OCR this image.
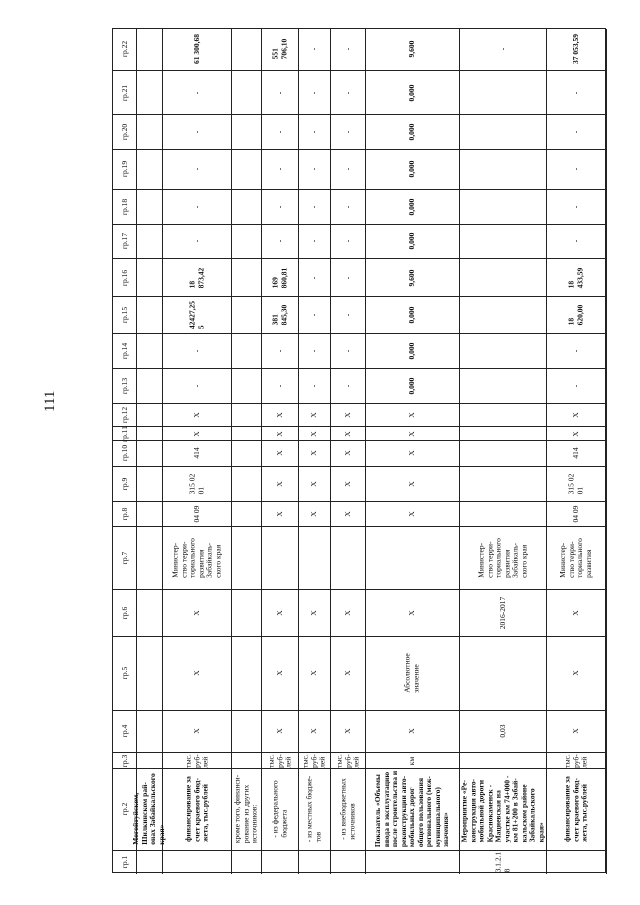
111
гр.1
гр.2
гр.3
гр.4
гр.5
гр.6
гр.7
гр.8
гр.9
гр.10
гр.11
гр.12
гр.13
гр.14
гр.15
гр.16
гр.17
гр.18
гр.19
гр.20
гр.21
гр.22
Могойтуйском,
Шилкинском рай-
онах Забайкальского
края» финансирование за
счет краевого бюд-
жета, тыс.рублей
тыс.
руб-
лей
Х
Х
Х
Министер-
ство терри-
ториального
развития
Забайкаль-
ского края
04 09
315 02
01
414
Х
Х
-
-
42427,25
5
18
873,42
-
-
-
-
-
61 300,68
кроме того, финанси-
рование из других
источников: - из федерального
бюджета
тыс.
руб-
лей
Х
Х
Х
Х
Х
Х
Х
Х
-
-
381
845,30
169
860,81
-
-
-
-
-
551
706,10
- из местных бюдже-
тов
тыс.
руб-
лей
Х
Х
Х
Х
Х
Х
Х
Х
-
-
-
-
-
-
-
-
-
-
- из внебюджетных
источников
тыс.
руб-
лей
Х
Х
Х
Х
Х
Х
Х
Х
-
-
-
-
-
-
-
-
-
-
Показатель «Объемы
ввода в эксплуатацию
после строительства и
реконструкции авто-
мобильных дорог
общего пользования
регионального (меж-
муниципального)
значения»
км
Х
Абсолютное
значение
Х
Х
Х
Х
Х
Х
0,000
0,000
0,000
9,600
0,000
0,000
0,000
0,000
0,000
9,600
3.1.2.1
8
Мероприятие «Ре-
конструкция авто-
мобильной дороги
Краснокаменск -
Мациевская на
участке км 74+000 -
км 81+200 в Забай-
кальском районе
Забайкальского
края»
0,03
2016-2017
Министер-
ство терри-
ториального
развития
Забайкаль-
ского края
-
финансирование за
счет краевого бюд-
жета, тыс.рублей
тыс.
руб-
лей
Х
Х
Х
Министер-
ство терри-
ториального
развития
04 09
315 02
01
414
Х
Х
-
-
18
620,00
18
433,59
-
-
-
-
-
37 053,59
